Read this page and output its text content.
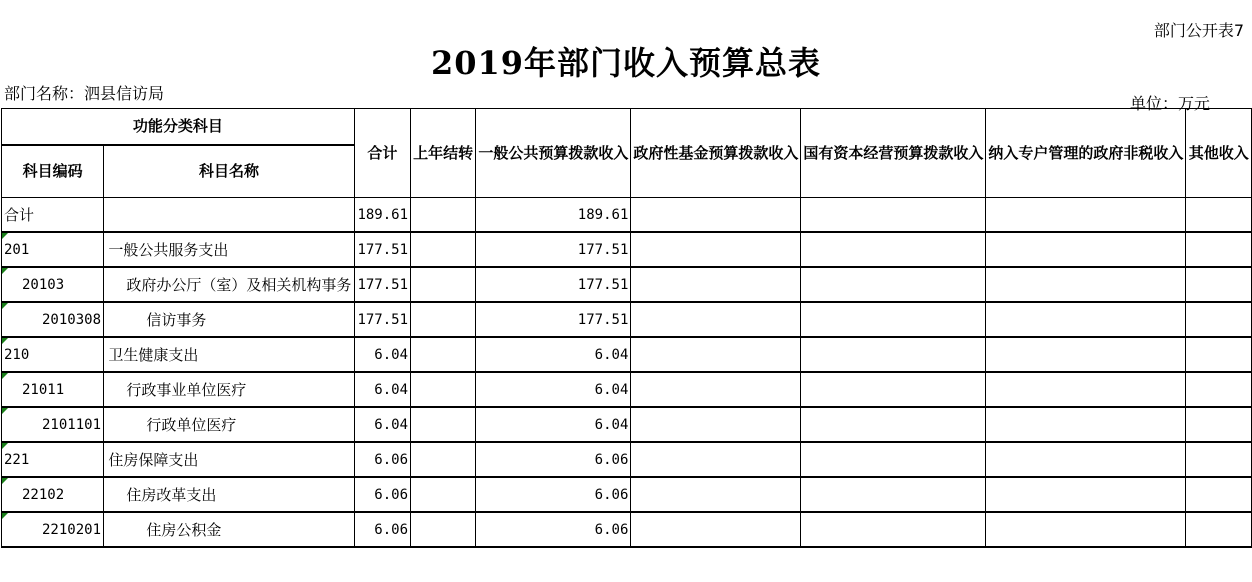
部门公开表7
2019年部门收入预算总表
部门名称：泗县信访局
单位：万元
功能分类科目		合计	上年结转	一般公共预算拨款收入	政府性基金预算拨款收入	国有资本经营预算拨款收入	纳入专户管理的政府非税收入	其他收入
科目编码	科目名称							
合计		189.61		189.61				
201	一般公共服务支出	177.51		177.51				
20103	政府办公厅（室）及相关机构事务	177.51		177.51				
2010308	信访事务	177.51		177.51				
210	卫生健康支出	6.04		6.04				
21011	行政事业单位医疗	6.04		6.04				
2101101	行政单位医疗	6.04		6.04				
221	住房保障支出	6.06		6.06				
22102	住房改革支出	6.06		6.06				
2210201	住房公积金	6.06		6.06				
